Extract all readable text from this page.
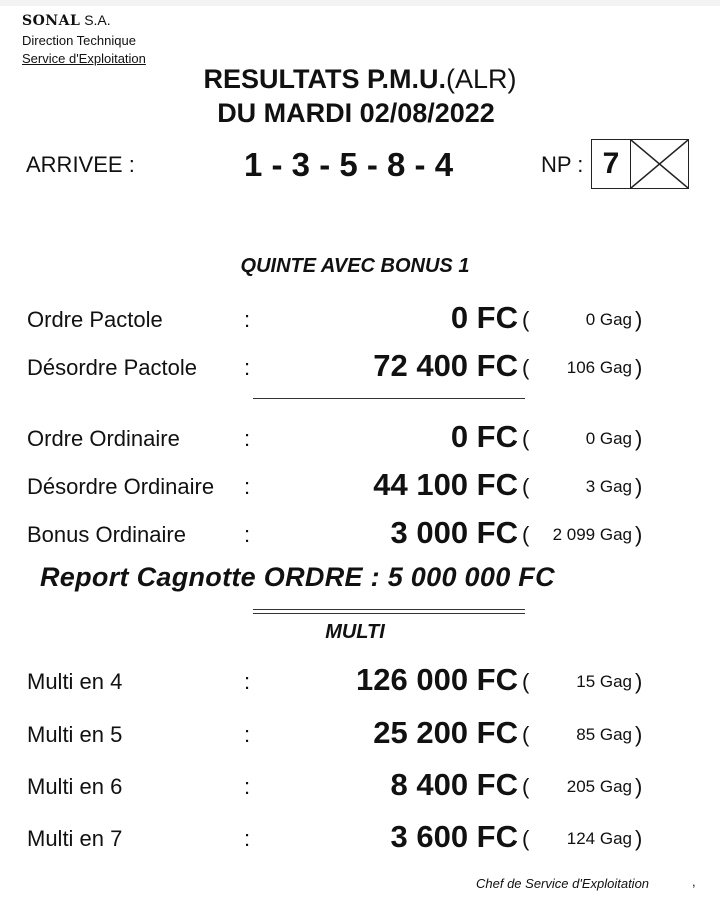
SONAL S.A.
Direction Technique
Service d'Exploitation
RESULTATS P.M.U.(ALR)
DU MARDI 02/08/2022
ARRIVEE :	1 - 3 - 5 - 8 - 4	NP : 7
QUINTE AVEC BONUS 1
Ordre Pactole	:	0 FC (	0 Gag )
Désordre Pactole :	72 400 FC ( 106 Gag )
Ordre Ordinaire	:	0 FC (	0 Gag )
Désordre Ordinaire :	44 100 FC (	3 Gag )
Bonus Ordinaire	:	3 000 FC ( 2 099 Gag )
Report Cagnotte ORDRE : 5 000 000 FC
MULTI
Multi en 4	:	126 000 FC (	15 Gag )
Multi en 5	:	25 200 FC (	85 Gag )
Multi en 6	:	8 400 FC ( 205 Gag )
Multi en 7	:	3 600 FC ( 124 Gag )
Chef de Service d'Exploitation	,
